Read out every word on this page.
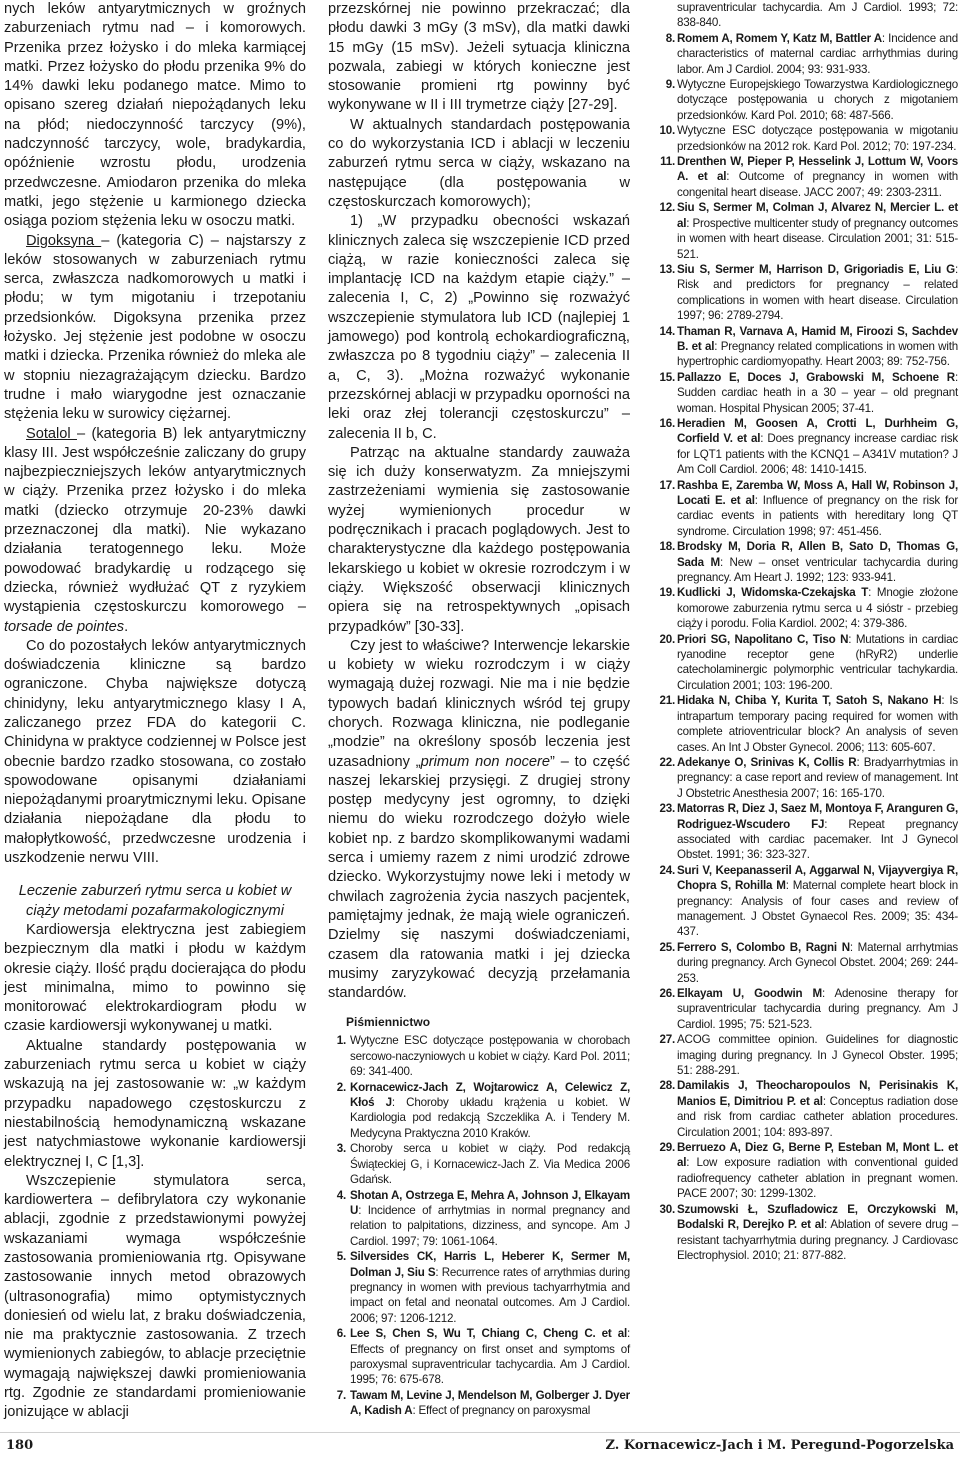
nych leków antyarytmicznych w groźnych zaburzeniach rytmu nad – i komorowych. Przenika przez łożysko i do mleka karmiącej matki. Przez łożysko do płodu przenika 9% do 14% dawki leku podanego matce. Mimo to opisano szereg działań niepożądanych leku na płód; niedoczynność tarczycy (9%), nadczynność tarczycy, wole, bradykardia, opóźnienie wzrostu płodu, urodzenia przedwczesne. Amiodaron przenika do mleka matki, jego stężenie u karmionego dziecka osiąga poziom stężenia leku w osoczu matki.

Digoksyna – (kategoria C) – najstarszy z leków stosowanych w zaburzeniach rytmu serca, zwłaszcza nadkomorowych u matki i płodu; w tym migotaniu i trzepotaniu przedsionków. Digoksyna przenika przez łożysko. Jej stężenie jest podobne w osoczu matki i dziecka. Przenika również do mleka ale w stopniu niezagrażającym dziecku. Bardzo trudne i mało wiarygodne jest oznaczanie stężenia leku w surowicy ciężarnej.

Sotalol – (kategoria B) lek antyarytmiczny klasy III. Jest współcześnie zaliczany do grupy najbezpieczniejszych leków antyarytmicznych w ciąży. Przenika przez łożysko i do mleka matki (dziecko otrzymuje 20-23% dawki przeznaczonej dla matki). Nie wykazano działania teratogennego leku. Może powodować bradykardię u rodzącego się dziecka, również wydłużać QT z ryzykiem wystąpienia częstoskurczu komorowego – torsade de pointes.

Co do pozostałych leków antyarytmicznych doświadczenia kliniczne są bardzo ograniczone. Chyba największe dotyczą chinidyny, leku antyarytmicznego klasy I A, zaliczanego przez FDA do kategorii C. Chinidyna w praktyce codziennej w Polsce jest obecnie bardzo rzadko stosowana, co zostało spowodowane opisanymi działaniami niepożądanymi proarytmicznymi leku. Opisane działania niepożądane dla płodu to małopłytkowość, przedwczesne urodzenia i uszkodzenie nerwu VIII.

Leczenie zaburzeń rytmu serca u kobiet w ciąży metodami pozafarmakologicznymi

Kardiowersja elektryczna jest zabiegiem bezpiecznym dla matki i płodu w każdym okresie ciąży. Ilość prądu docierająca do płodu jest minimalna, mimo to powinno się monitorować elektrokardiogram płodu w czasie kardiowersji wykonywanej u matki.

Aktualne standardy postępowania w zaburzeniach rytmu serca u kobiet w ciąży wskazują na jej zastosowanie w: „w każdym przypadku napadowego częstoskurczu z niestabilnością hemodynamiczną wskazane jest natychmiastowe wykonanie kardiowersji elektrycznej I, C [1,3].

Wszczepienie stymulatora serca, kardiowertera – defibrylatora czy wykonanie ablacji, zgodnie z przedstawionymi powyżej wskazaniami wymaga współcześnie zastosowania promieniowania rtg. Opisywane zastosowanie innych metod obrazowych (ultrasonografia) mimo optymistycznych doniesień od wielu lat, z braku doświadczenia, nie ma praktycznie zastosowania. Z trzech wymienionych zabiegów, to ablacje przeciętnie wymagają największej dawki promieniowania rtg. Zgodnie ze standardami promieniowanie jonizujące w ablacji

przezskórnej nie powinno przekraczać; dla płodu dawki 3 mGy (3 mSv), dla matki dawki 15 mGy (15 mSv). Jeżeli sytuacja kliniczna pozwala, zabiegi w których konieczne jest stosowanie promieni rtg powinny być wykonywane w II i III trymetrze ciąży [27-29].

W aktualnych standardach postępowania co do wykorzystania ICD i ablacji w leczeniu zaburzeń rytmu serca w ciąży, wskazano na następujące (dla postępowania w częstoskurczach komorowych);

1) „W przypadku obecności wskazań klinicznych zaleca się wszczepienie ICD przed ciążą, w razie konieczności zaleca się implantację ICD na każdym etapie ciąży.” – zalecenia I, C, 2) „Powinno się rozważyć wszczepienie stymulatora lub ICD (najlepiej 1 jamowego) pod kontrolą echokardiograficzną, zwłaszcza po 8 tygodniu ciąży” – zalecenia II a, C, 3). „Można rozważyć wykonanie przezskórnej ablacji w przypadku oporności na leki oraz złej tolerancji częstoskurczu” – zalecenia II b, C.

Patrząc na aktualne standardy zauważa się ich duży konserwatyzm. Za mniejszymi zastrzeżeniami wymienia się zastosowanie wyżej wymienionych procedur w podręcznikach i pracach poglądowych. Jest to charakterystyczne dla każdego postępowania lekarskiego u kobiet w okresie rozrodczym i w ciąży. Większość obserwacji klinicznych opiera się na retrospektywnych „opisach przypadków” [30-33].

Czy jest to właściwe? Interwencje lekarskie u kobiety w wieku rozrodczym i w ciąży wymagają dużej rozwagi. Nie ma i nie będzie typowych badań klinicznych wśród tej grupy chorych. Rozwaga kliniczna, nie podleganie „modzie” na określony sposób leczenia jest uzasadniony „primum non nocere” – to część naszej lekarskiej przysięgi. Z drugiej strony postęp medycyny jest ogromny, to dzięki niemu do wieku rozrodczego dożyło wiele kobiet np. z bardzo skomplikowanymi wadami serca i umiemy razem z nimi urodzić zdrowe dziecko. Wykorzystujmy nowe leki i metody w chwilach zagrożenia życia naszych pacjentek, pamiętajmy jednak, że mają wiele ograniczeń. Dzielmy się naszymi doświadczeniami, czasem dla ratowania matki i jej dziecka musimy zaryzykować decyzją przełamania standardów.

Piśmiennictwo
1. Wytyczne ESC dotyczące postępowania w chorobach sercowo-naczyniowych u kobiet w ciąży. Kard Pol. 2011; 69: 341-400.
2. Kornacewicz-Jach Z, Wojtarowicz A, Celewicz Z, Kłoś J: Choroby układu krążenia u kobiet. W Kardiologia pod redakcją Szczeklika A. i Tendery M. Medycyna Praktyczna 2010 Kraków.
3. Choroby serca u kobiet w ciąży. Pod redakcją Świąteckiej G, i Kornacewicz-Jach Z. Via Medica 2006 Gdańsk.
4. Shotan A, Ostrzega E, Mehra A, Johnson J, Elkayam U: Incidence of arrhytmias in normal pregnancy and relation to palpitations, dizziness, and syncope. Am J Cardiol. 1997; 79: 1061-1064.
5. Silversides CK, Harris L, Heberer K, Sermer M, Dolman J, Siu S: Recurrence rates of arrythmias during pregnancy in women with previous tachyarrhytmia and impact on fetal and neonatal outcomes. Am J Cardiol. 2006; 97: 1206-1212.
6. Lee S, Chen S, Wu T, Chiang C, Cheng C. et al: Effects of pregnancy on first onset and symptoms of paroxysmal supraventricular tachycardia. Am J Cardiol. 1995; 76: 675-678.
7. Tawam M, Levine J, Mendelson M, Golberger J. Dyer A, Kadish A: Effect of pregnancy on paroxysmal
supraventricular tachycardia. Am J Cardiol. 1993; 72: 838-840.
8. Romem A, Romem Y, Katz M, Battler A: Incidence and characteristics of maternal cardiac arrhythmias during labor. Am J Cardiol. 2004; 93: 931-933.
9. Wytyczne Europejskiego Towarzystwa Kardiologicznego dotyczące postępowania u chorych z migotaniem przedsionków. Kard Pol. 2010; 68: 487-566.
10. Wytyczne ESC dotyczące postępowania w migotaniu przedsionków na 2012 rok. Kard Pol. 2012; 70: 197-234.
11. Drenthen W, Pieper P, Hesselink J, Lottum W, Voors A. et al: Outcome of pregnancy in women with congenital heart disease. JACC 2007; 49: 2303-2311.
12. Siu S, Sermer M, Colman J, Alvarez N, Mercier L. et al: Prospective multicenter study of pregnancy outcomes in women with heart disease. Circulation 2001; 31: 515-521.
13. Siu S, Sermer M, Harrison D, Grigoriadis E, Liu G: Risk and predictors for pregnancy – related complications in women with heart disease. Circulation 1997; 96: 2789-2794.
14. Thaman R, Varnava A, Hamid M, Firoozi S, Sachdev B. et al: Pregnancy related complications in women with hypertrophic cardiomyopathy. Heart 2003; 89: 752-756.
15. Pallazzo E, Doces J, Grabowski M, Schoene R: Sudden cardiac heath in a 30 – year – old pregnant woman. Hospital Physican 2005; 37-41.
16. Heradien M, Goosen A, Crotti L, Durhheim G, Corfield V. et al: Does pregnancy increase cardiac risk for LQT1 patients with the KCNQ1 – A341V mutation? J Am Coll Cardiol. 2006; 48: 1410-1415.
17. Rashba E, Zaremba W, Moss A, Hall W, Robinson J, Locati E. et al: Influence of pregnancy on the risk for cardiac events in patients with hereditary long QT syndrome. Circulation 1998; 97: 451-456.
18. Brodsky M, Doria R, Allen B, Sato D, Thomas G, Sada M: New – onset ventricular tachycardia during pregnancy. Am Heart J. 1992; 123: 933-941.
19. Kudlicki J, Widomska-Czekajska T: Mnogie złożone komorowe zaburzenia rytmu serca u 4 sióstr - przebieg ciąży i porodu. Folia Kardiol. 2002; 4: 379-386.
20. Priori SG, Napolitano C, Tiso N: Mutations in cardiac ryanodine receptor gene (hRyR2) underlie catecholaminergic polymorphic ventricular tachykardia. Circulation 2001; 103: 196-200.
21. Hidaka N, Chiba Y, Kurita T, Satoh S, Nakano H: Is intrapartum temporary pacing required for women with complete atrioventricular block? An analysis of seven cases. An Int J Obster Gynecol. 2006; 113: 605-607.
22. Adekanye O, Srinivas K, Collis R: Bradyarrhytmias in pregnancy: a case report and review of management. Int J Obstetric Anesthesia 2007; 16: 165-170.
23. Matorras R, Diez J, Saez M, Montoya F, Aranguren G, Rodriguez-Wscudero FJ: Repeat pregnancy associated with cardiac pacemaker. Int J Gynecol Obstet. 1991; 36: 323-327.
24. Suri V, Keepanasseril A, Aggarwal N, Vijayvergiya R, Chopra S, Rohilla M: Maternal complete heart block in pregnancy: Analysis of four cases and review of management. J Obstet Gynaecol Res. 2009; 35: 434-437.
25. Ferrero S, Colombo B, Ragni N: Maternal arrhytmias during pregnancy. Arch Gynecol Obstet. 2004; 269: 244-253.
26. Elkayam U, Goodwin M: Adenosine therapy for supraventricular tachycardia during pregnancy. Am J Cardiol. 1995; 75: 521-523.
27. ACOG committee opinion. Guidelines for diagnostic imaging during pregnancy. In J Gynecol Obster. 1995; 51: 288-291.
28. Damilakis J, Theocharopoulos N, Perisinakis K, Manios E, Dimitriou P. et al: Conceptus radiation dose and risk from cardiac catheter ablation procedures. Circulation 2001; 104: 893-897.
29. Berruezo A, Diez G, Berne P, Esteban M, Mont L. et al: Low exposure radiation with conventional guided radiofrequency catheter ablation in pregnant women. PACE 2007; 30: 1299-1302.
30. Szumowski Ł, Szufladowicz E, Orczykowski M, Bodalski R, Derejko P. et al: Ablation of severe drug – resistant tachyarrhytmia during pregnancy. J Cardiovasc Electrophysiol. 2010; 21: 877-882.
180	Z. Kornacewicz-Jach i M. Peregund-Pogorzelska
